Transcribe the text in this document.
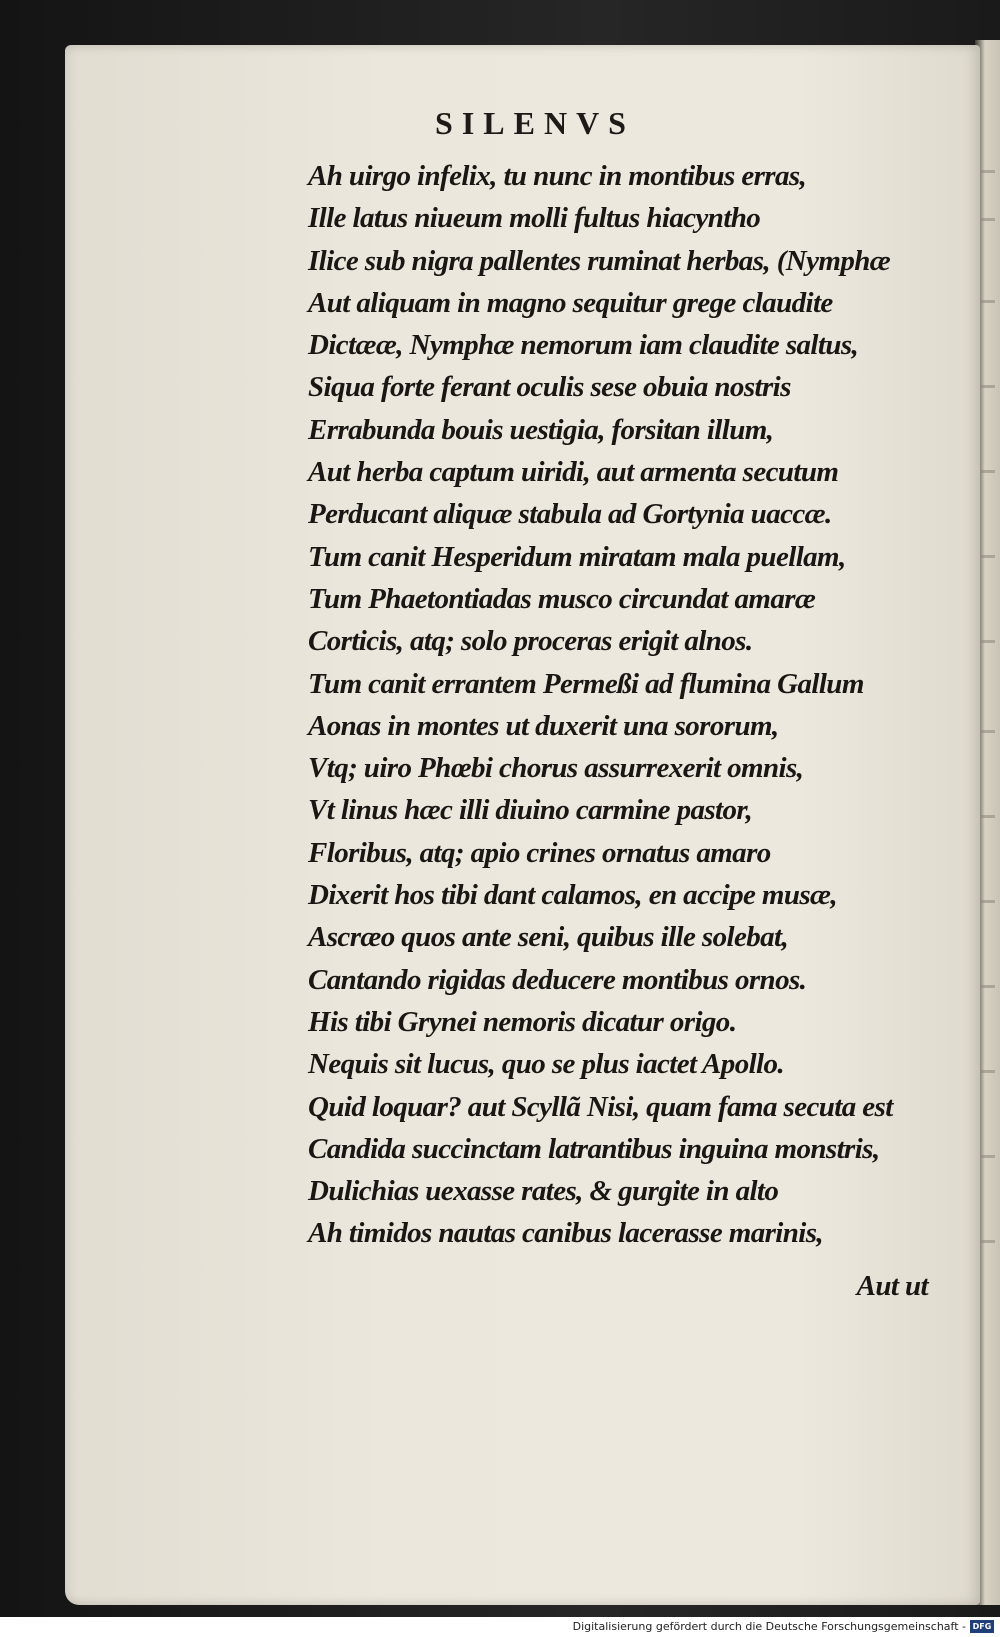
SILENVS
Ah uirgo infelix, tu nunc in montibus erras,
Ille latus niueum molli fultus hiacyntho
Ilice sub nigra pallentes ruminat herbas, (Nymphæ
Aut aliquam in magno sequitur grege claudite
Dictææ, Nymphæ nemorum iam claudite saltus,
Siqua forte ferant oculis sese obuia nostris
Errabunda bouis uestigia, forsitan illum,
Aut herba captum uiridi, aut armenta secutum
Perducant aliquæ stabula ad Gortynia uaccæ.
Tum canit Hesperidum miratam mala puellam,
Tum Phaetontiadas musco circundat amaræ
Corticis, atq; solo proceras erigit alnos.
Tum canit errantem Permeßi ad flumina Gallum
Aonas in montes ut duxerit una sororum,
Vtq; uiro Phœbi chorus assurrexerit omnis,
Vt linus hæc illi diuino carmine pastor,
Floribus, atq; apio crines ornatus amaro
Dixerit hos tibi dant calamos, en accipe musæ,
Ascræo quos ante seni, quibus ille solebat,
Cantando rigidas deducere montibus ornos.
His tibi Grynei nemoris dicatur origo.
Nequis sit lucus, quo se plus iactet Apollo.
Quid loquar? aut Scyllã Nisi, quam fama secuta est
Candida succinctam latrantibus inguina monstris,
Dulichias uexasse rates, & gurgite in alto
Ah timidos nautas canibus lacerasse marinis,
Aut ut
Digitalisierung gefördert durch die Deutsche Forschungsgemeinschaft - DFG
